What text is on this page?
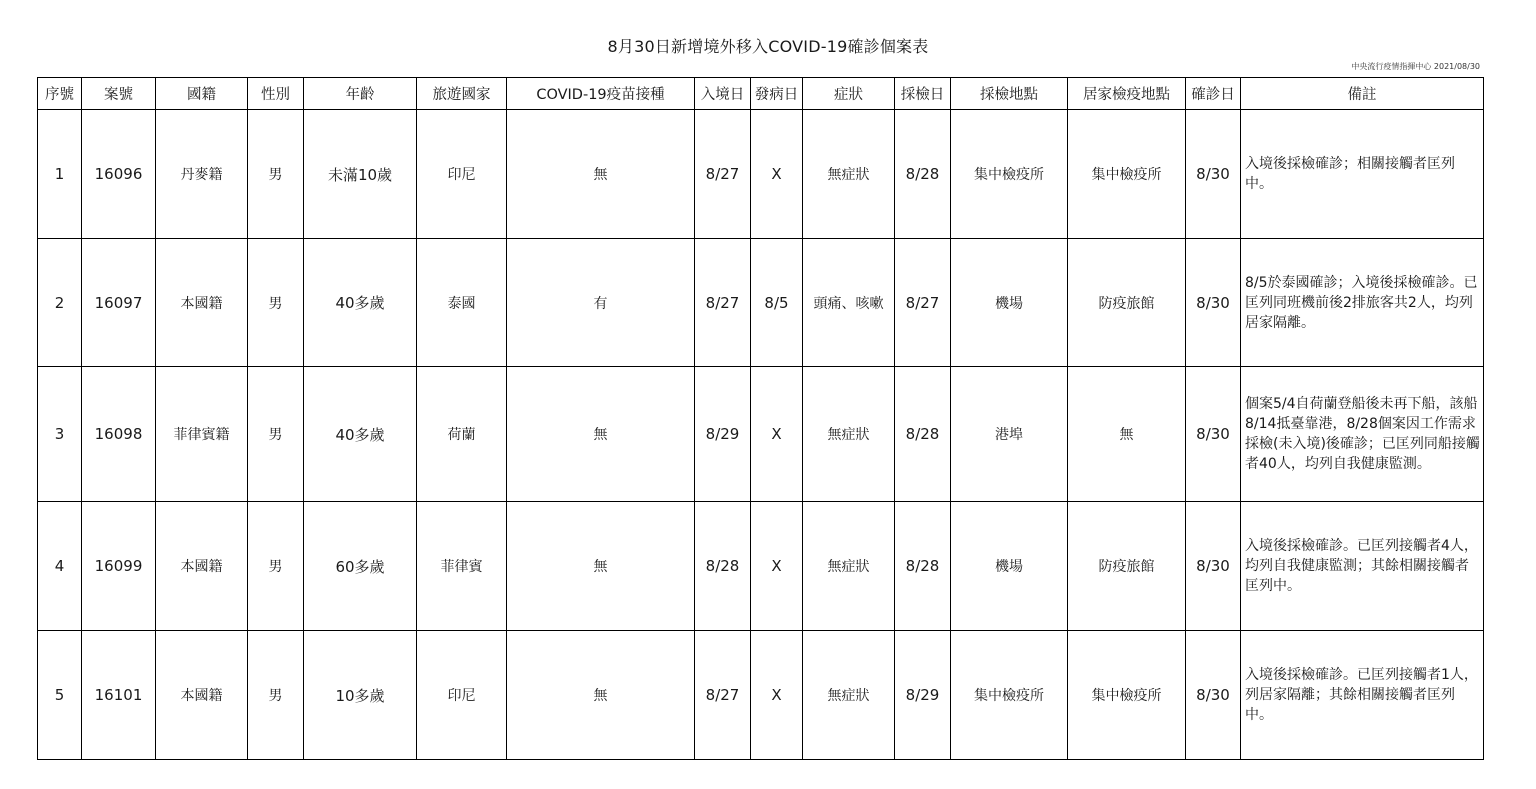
8月30日新增境外移入COVID-19確診個案表
中央流行疫情指揮中心 2021/08/30
序號	案號	國籍	性別	年齡	旅遊國家	COVID-19疫苗接種	入境日	發病日	症狀	採檢日	採檢地點	居家檢疫地點	確診日	備註
1	16096	丹麥籍	男	未滿10歲	印尼	無	8/27	X	無症狀	8/28	集中檢疫所	集中檢疫所	8/30	入境後採檢確診；相關接觸者匡列中。
2	16097	本國籍	男	40多歲	泰國	有	8/27	8/5	頭痛、咳嗽	8/27	機場	防疫旅館	8/30	8/5於泰國確診；入境後採檢確診。已匡列同班機前後2排旅客共2人，均列居家隔離。
3	16098	菲律賓籍	男	40多歲	荷蘭	無	8/29	X	無症狀	8/28	港埠	無	8/30	個案5/4自荷蘭登船後未再下船，該船8/14抵臺靠港，8/28個案因工作需求採檢(未入境)後確診；已匡列同船接觸者40人，均列自我健康監測。
4	16099	本國籍	男	60多歲	菲律賓	無	8/28	X	無症狀	8/28	機場	防疫旅館	8/30	入境後採檢確診。已匡列接觸者4人，均列自我健康監測；其餘相關接觸者匡列中。
5	16101	本國籍	男	10多歲	印尼	無	8/27	X	無症狀	8/29	集中檢疫所	集中檢疫所	8/30	入境後採檢確診。已匡列接觸者1人，列居家隔離；其餘相關接觸者匡列中。
